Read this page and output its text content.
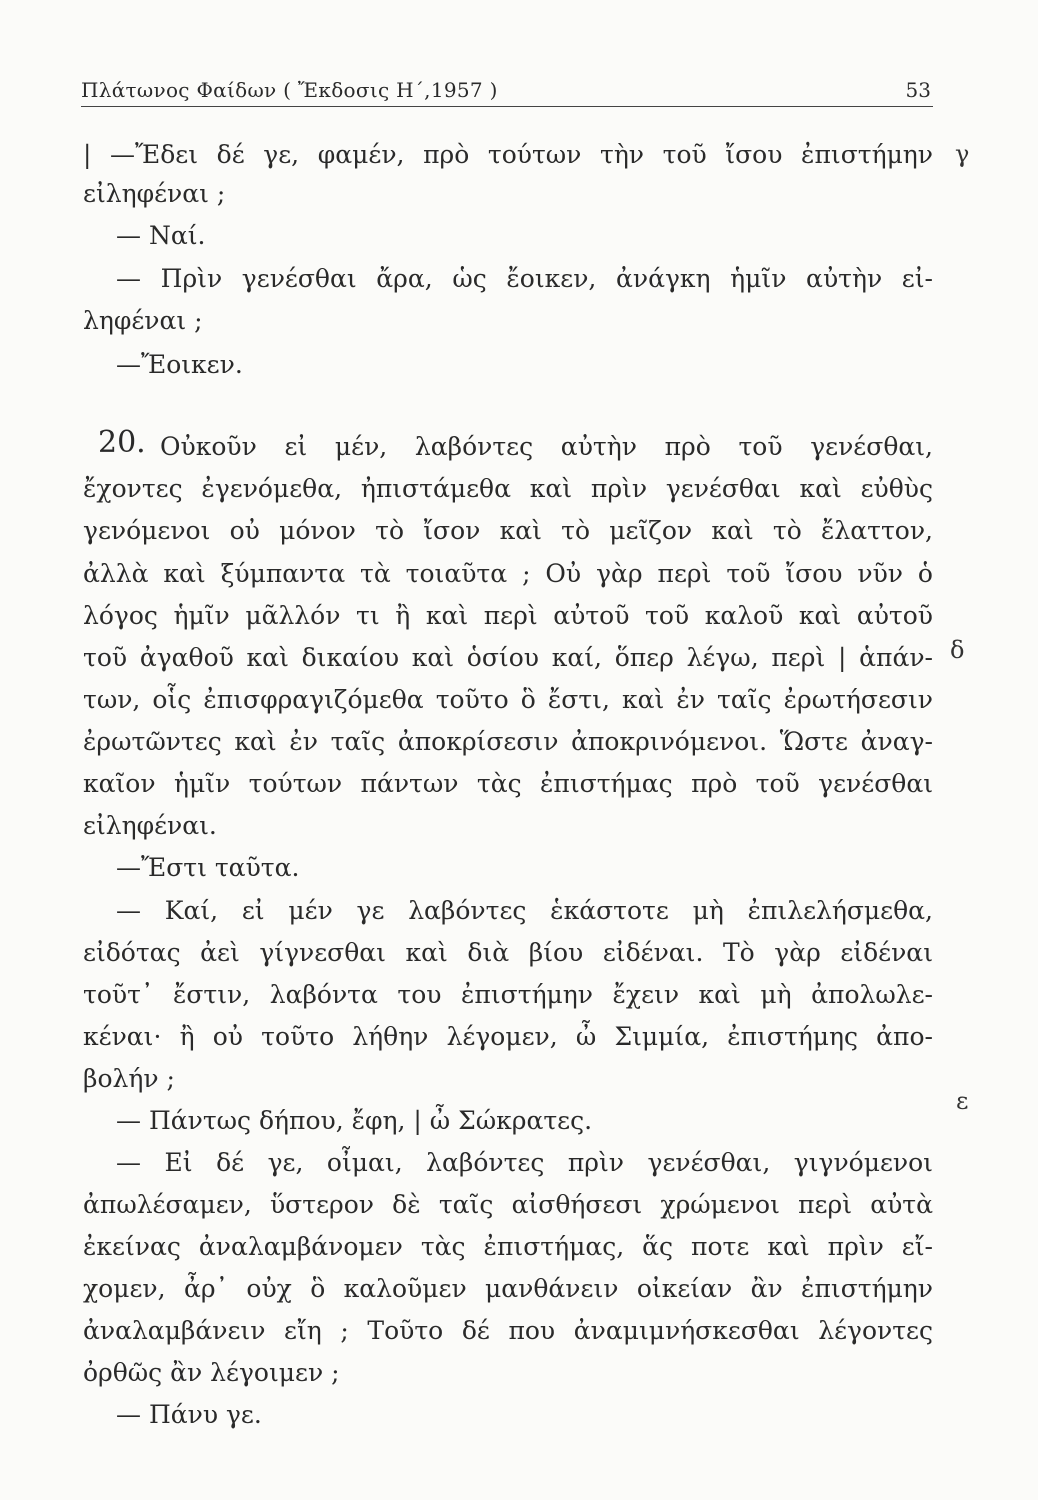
Πλάτωνος Φαίδων ( Ἔκδοσις Η΄,1957 )	53
γ
δ
ε
| —Ἔδει δέ γε, φαμέν, πρὸ τούτων τὴν τοῦ ἴσου ἐπιστήμην
εἰληφέναι ;
— Ναί.
— Πρὶν γενέσθαι ἄρα, ὡς ἔοικεν, ἀνάγκη ἡμῖν αὐτὴν εἰ-
ληφέναι ;
—Ἔοικεν.
20. Οὐκοῦν εἰ μέν, λαβόντες αὐτὴν πρὸ τοῦ γενέσθαι,
ἔχοντες ἐγενόμεθα, ἠπιστάμεθα καὶ πρὶν γενέσθαι καὶ εὐθὺς
γενόμενοι οὐ μόνον τὸ ἴσον καὶ τὸ μεῖζον καὶ τὸ ἔλαττον,
ἀλλὰ καὶ ξύμπαντα τὰ τοιαῦτα ; Οὐ γὰρ περὶ τοῦ ἴσου νῦν ὁ
λόγος ἡμῖν μᾶλλόν τι ἢ καὶ περὶ αὐτοῦ τοῦ καλοῦ καὶ αὐτοῦ
τοῦ ἀγαθοῦ καὶ δικαίου καὶ ὁσίου καί, ὅπερ λέγω, περὶ | ἁπάν-
των, οἷς ἐπισφραγιζόμεθα τοῦτο ὃ ἔστι, καὶ ἐν ταῖς ἐρωτήσεσιν
ἐρωτῶντες καὶ ἐν ταῖς ἀποκρίσεσιν ἀποκρινόμενοι. Ὥστε ἀναγ-
καῖον ἡμῖν τούτων πάντων τὰς ἐπιστήμας πρὸ τοῦ γενέσθαι
εἰληφέναι.
—Ἔστι ταῦτα.
— Καί, εἰ μέν γε λαβόντες ἑκάστοτε μὴ ἐπιλελήσμεθα,
εἰδότας ἀεὶ γίγνεσθαι καὶ διὰ βίου εἰδέναι. Τὸ γὰρ εἰδέναι
τοῦτ᾽ ἔστιν, λαβόντα του ἐπιστήμην ἔχειν καὶ μὴ ἀπολωλε-
κέναι· ἢ οὐ τοῦτο λήθην λέγομεν, ὦ Σιμμία, ἐπιστήμης ἀπο-
βολήν ;
— Πάντως δήπου, ἔφη, | ὦ Σώκρατες.
— Εἰ δέ γε, οἶμαι, λαβόντες πρὶν γενέσθαι, γιγνόμενοι
ἀπωλέσαμεν, ὕστερον δὲ ταῖς αἰσθήσεσι χρώμενοι περὶ αὐτὰ
ἐκείνας ἀναλαμβάνομεν τὰς ἐπιστήμας, ἅς ποτε καὶ πρὶν εἴ-
χομεν, ἆρ᾽ οὐχ ὃ καλοῦμεν μανθάνειν οἰκείαν ἂν ἐπιστήμην
ἀναλαμβάνειν εἴη ; Τοῦτο δέ που ἀναμιμνήσκεσθαι λέγοντες
ὀρθῶς ἂν λέγοιμεν ;
— Πάνυ γε.
